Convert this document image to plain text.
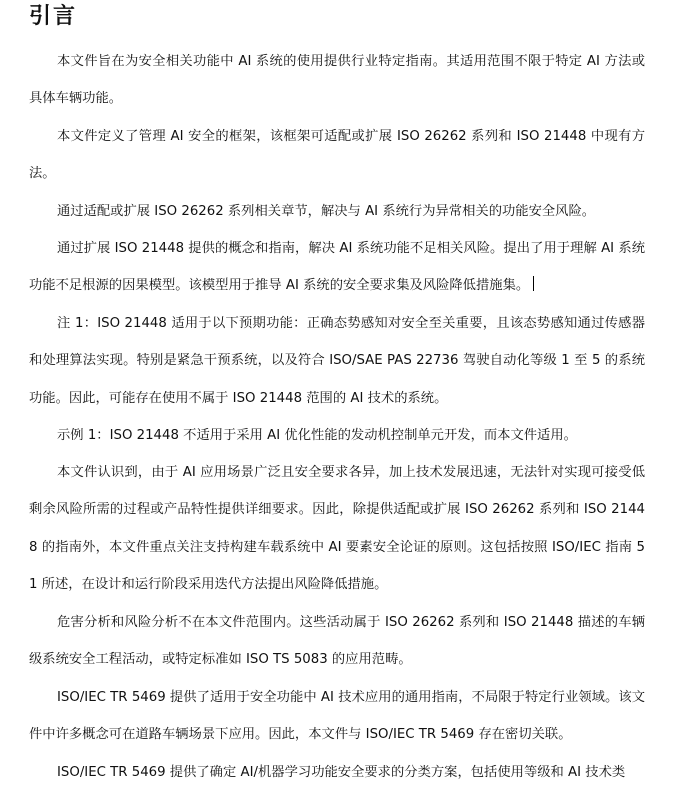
引言

本文件旨在为安全相关功能中 AI 系统的使用提供行业特定指南。其适用范围不限于特定 AI 方法或具体车辆功能。

本文件定义了管理 AI 安全的框架，该框架可适配或扩展 ISO 26262 系列和 ISO 21448 中现有方法。

通过适配或扩展 ISO 26262 系列相关章节，解决与 AI 系统行为异常相关的功能安全风险。

通过扩展 ISO 21448 提供的概念和指南，解决 AI 系统功能不足相关风险。提出了用于理解 AI 系统功能不足根源的因果模型。该模型用于推导 AI 系统的安全要求集及风险降低措施集。

注 1：ISO 21448 适用于以下预期功能：正确态势感知对安全至关重要，且该态势感知通过传感器和处理算法实现。特别是紧急干预系统，以及符合 ISO/SAE PAS 22736 驾驶自动化等级 1 至 5 的系统功能。因此，可能存在使用不属于 ISO 21448 范围的 AI 技术的系统。

示例 1：ISO 21448 不适用于采用 AI 优化性能的发动机控制单元开发，而本文件适用。

本文件认识到，由于 AI 应用场景广泛且安全要求各异，加上技术发展迅速，无法针对实现可接受低剩余风险所需的过程或产品特性提供详细要求。因此，除提供适配或扩展 ISO 26262 系列和 ISO 21448 的指南外，本文件重点关注支持构建车载系统中 AI 要素安全论证的原则。这包括按照 ISO/IEC 指南 51 所述，在设计和运行阶段采用迭代方法提出风险降低措施。

危害分析和风险分析不在本文件范围内。这些活动属于 ISO 26262 系列和 ISO 21448 描述的车辆级系统安全工程活动，或特定标准如 ISO TS 5083 的应用范畴。

ISO/IEC TR 5469 提供了适用于安全功能中 AI 技术应用的通用指南，不局限于特定行业领域。该文件中许多概念可在道路车辆场景下应用。因此，本文件与 ISO/IEC TR 5469 存在密切关联。

ISO/IEC TR 5469 提供了确定 AI/机器学习功能安全要求的分类方案，包括使用等级和 AI 技术类
